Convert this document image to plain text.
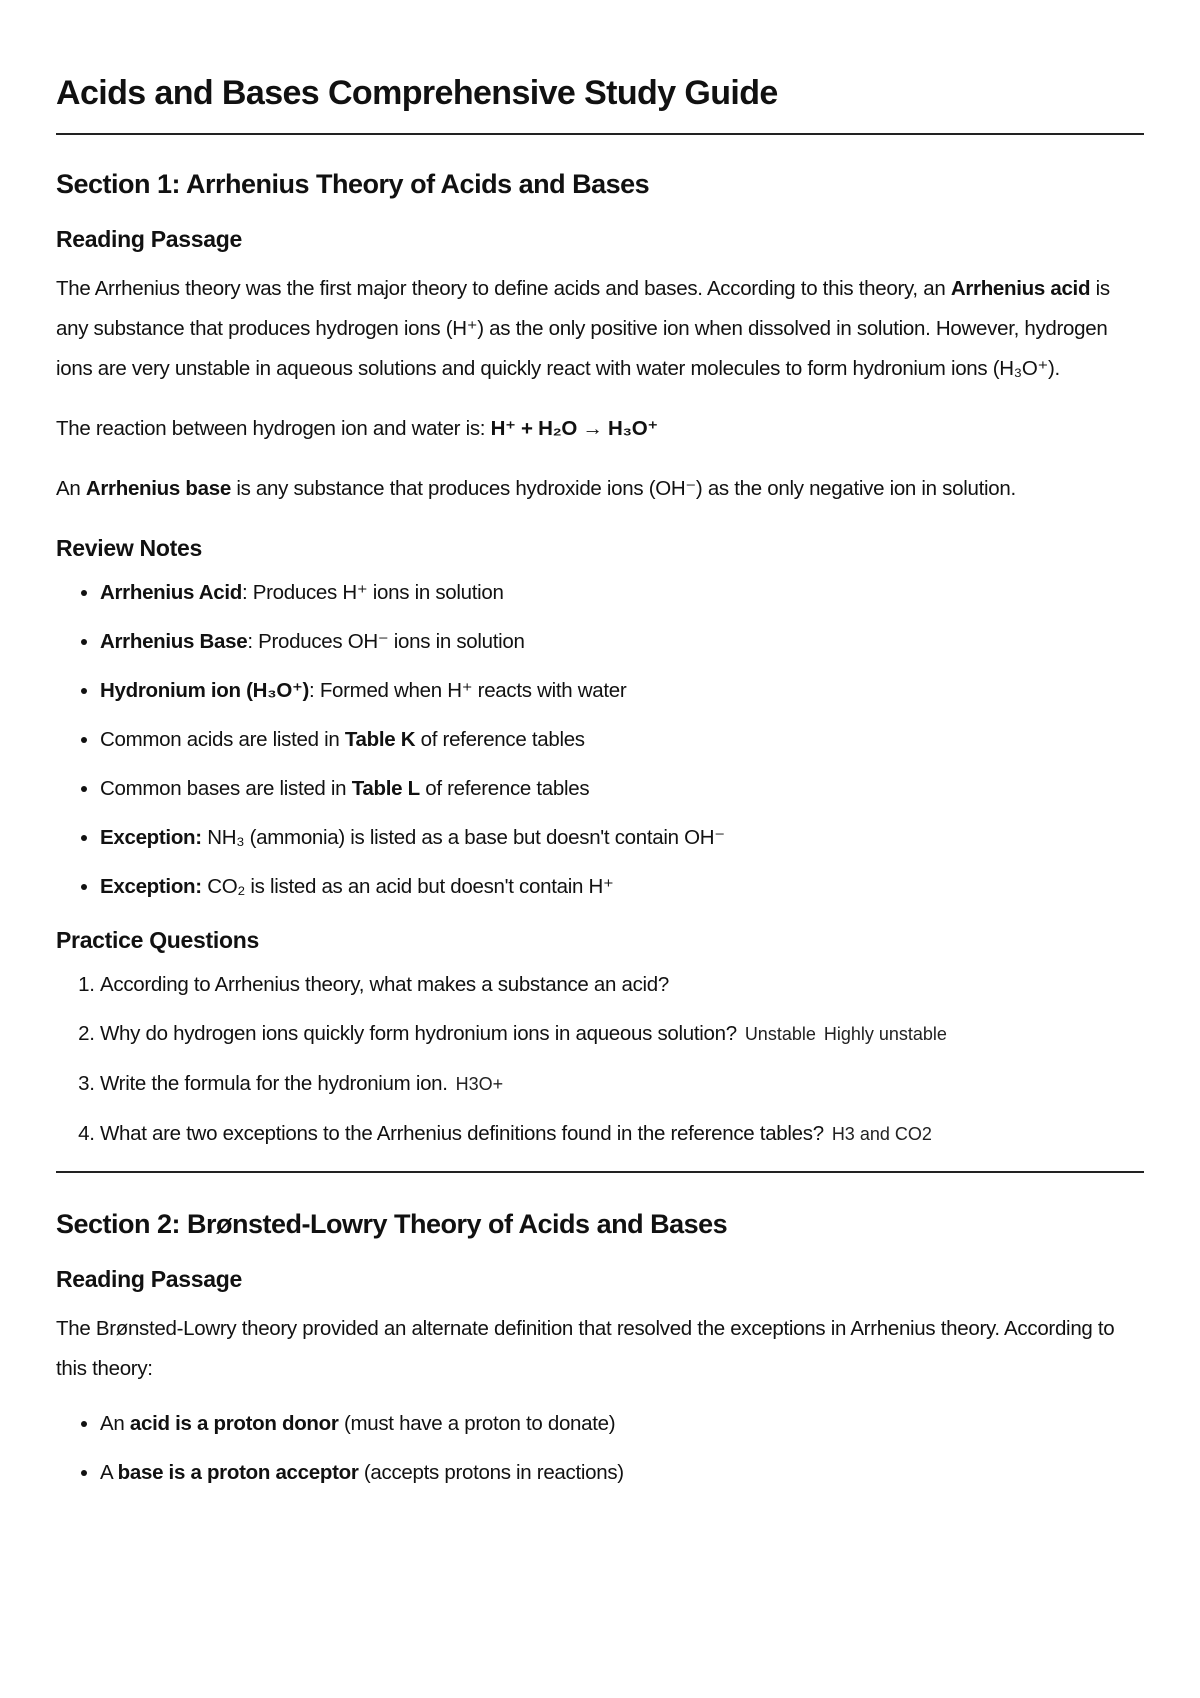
Acids and Bases Comprehensive Study Guide
Section 1: Arrhenius Theory of Acids and Bases
Reading Passage

The Arrhenius theory was the first major theory to define acids and bases. According to this theory, an Arrhenius acid is any substance that produces hydrogen ions (H⁺) as the only positive ion when dissolved in solution. However, hydrogen ions are very unstable in aqueous solutions and quickly react with water molecules to form hydronium ions (H₃O⁺).

The reaction between hydrogen ion and water is: H⁺ + H₂O → H₃O⁺

An Arrhenius base is any substance that produces hydroxide ions (OH⁻) as the only negative ion in solution.

Review Notes
• Arrhenius Acid: Produces H⁺ ions in solution
• Arrhenius Base: Produces OH⁻ ions in solution
• Hydronium ion (H₃O⁺): Formed when H⁺ reacts with water
• Common acids are listed in Table K of reference tables
• Common bases are listed in Table L of reference tables
• Exception: NH₃ (ammonia) is listed as a base but doesn't contain OH⁻
• Exception: CO₂ is listed as an acid but doesn't contain H⁺
Practice Questions
1. According to Arrhenius theory, what makes a substance an acid?
2. Why do hydrogen ions quickly form hydronium ions in aqueous solution? Unstable Highly unstable
3. Write the formula for the hydronium ion. H3O+
4. What are two exceptions to the Arrhenius definitions found in the reference tables? H3 and CO2
Section 2: Brønsted-Lowry Theory of Acids and Bases
Reading Passage

The Brønsted-Lowry theory provided an alternate definition that resolved the exceptions in Arrhenius theory. According to this theory:

• An acid is a proton donor (must have a proton to donate)
• A base is a proton acceptor (accepts protons in reactions)
